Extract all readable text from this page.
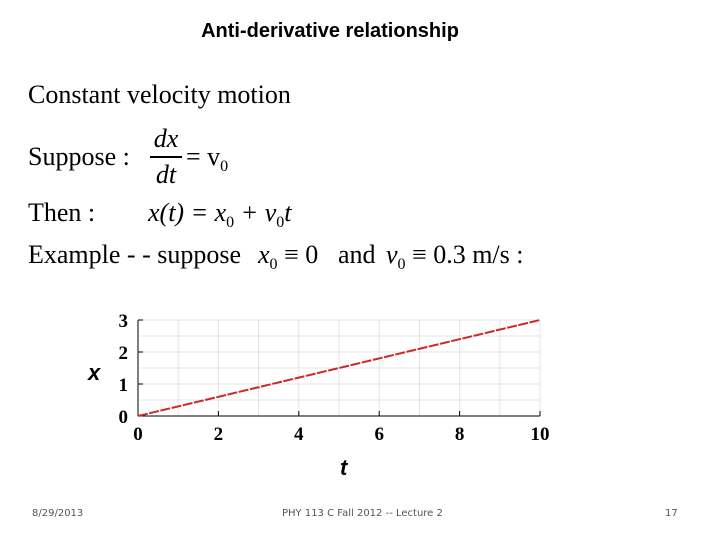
Anti-derivative relationship
Constant velocity motion
Suppose :
dx
dt
= $v_0$
Then : $x(t) = x_0 + v_0t$
Example - - suppose $x_0 \equiv 0$ and $v_0 \equiv 0.3$ m/s :
x
t
0	2	4	6	8	10
0
1
2
3
8/29/2013	PHY 113 C Fall 2012 -- Lecture 2	17
